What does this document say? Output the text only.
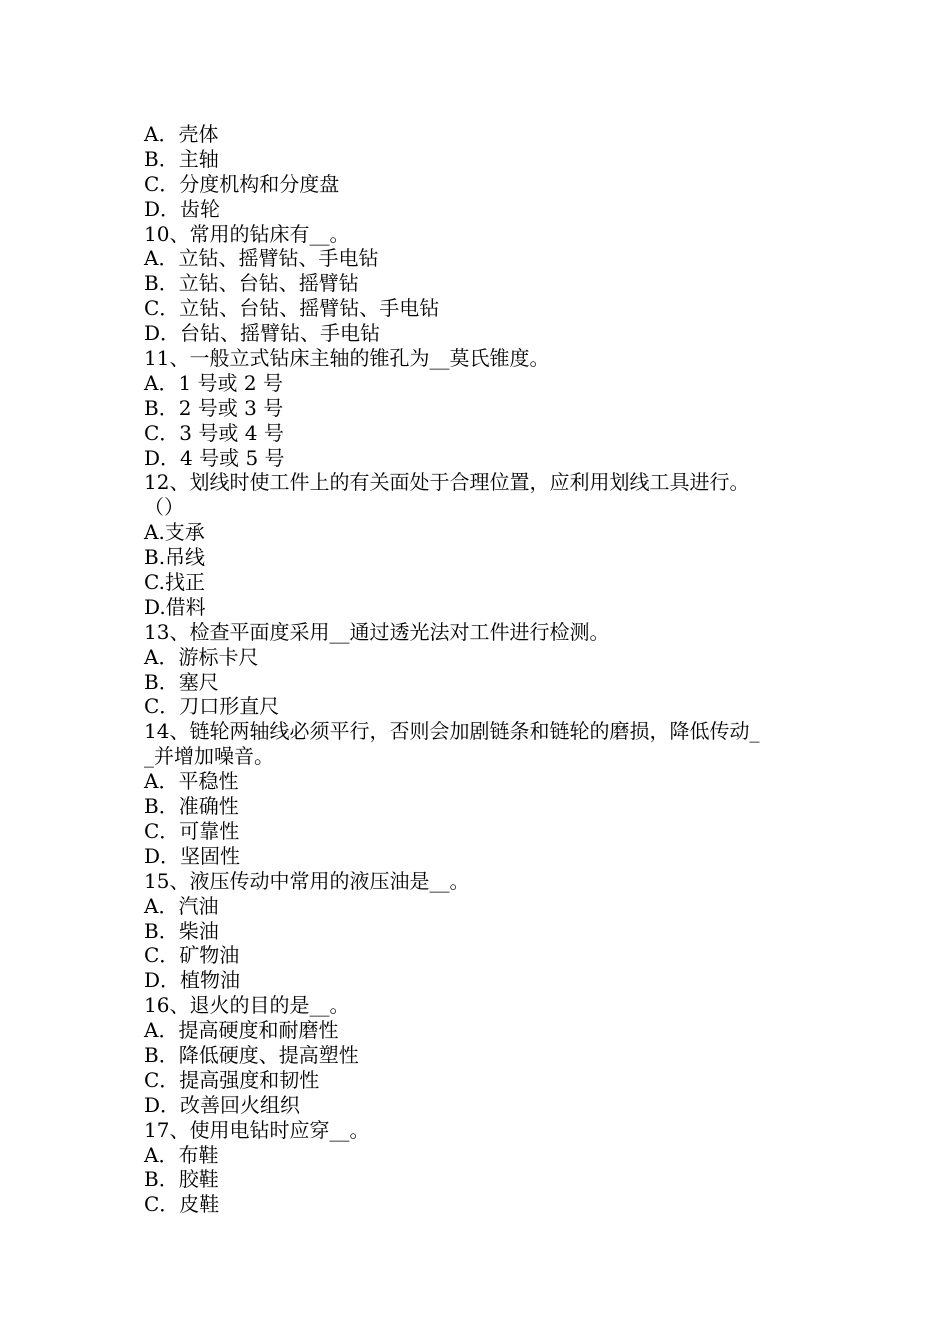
A．壳体
B．主轴
C．分度机构和分度盘
D．齿轮
10、常用的钻床有__。
A．立钻、摇臂钻、手电钻
B．立钻、台钻、摇臂钻
C．立钻、台钻、摇臂钻、手电钻
D．台钻、摇臂钻、手电钻
11、一般立式钻床主轴的锥孔为__莫氏锥度。
A．1 号或 2 号
B．2 号或 3 号
C．3 号或 4 号
D．4 号或 5 号
12、划线时使工件上的有关面处于合理位置，应利用划线工具进行。
（）
A.支承
B.吊线
C.找正
D.借料
13、检查平面度采用__通过透光法对工件进行检测。
A．游标卡尺
B．塞尺
C．刀口形直尺
14、链轮两轴线必须平行，否则会加剧链条和链轮的磨损，降低传动_
_并增加噪音。
A．平稳性
B．准确性
C．可靠性
D．坚固性
15、液压传动中常用的液压油是__。
A．汽油
B．柴油
C．矿物油
D．植物油
16、退火的目的是__。
A．提高硬度和耐磨性
B．降低硬度、提高塑性
C．提高强度和韧性
D．改善回火组织
17、使用电钻时应穿__。
A．布鞋
B．胶鞋
C．皮鞋
